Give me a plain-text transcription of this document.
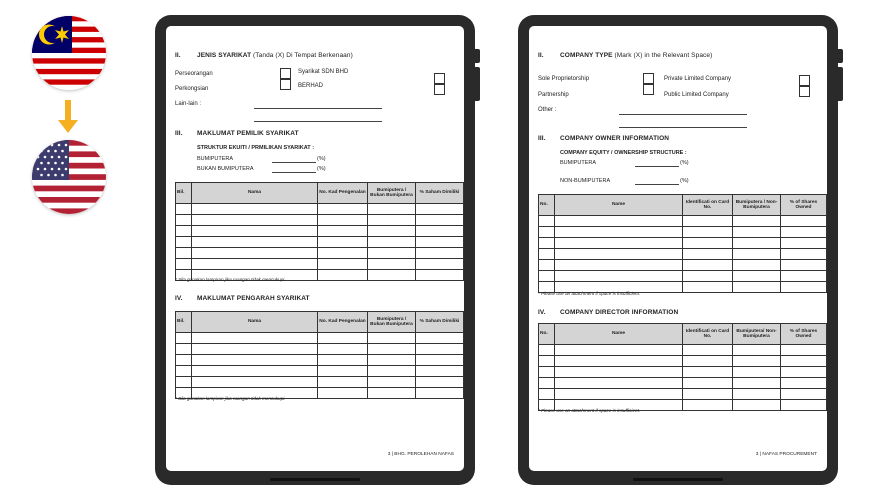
II.	JENIS SYARIKAT (Tanda (X) Di Tempat Berkenaan)
Perseorangan
Perkongsian
Syarikat SDN BHD
BERHAD
Lain-lain :
III. MAKLUMAT PEMILIK SYARIKAT
STRUKTUR EKUITI / PRMILIKAN SYARIKAT :
BUMIPUTERA	(%)
BUKAN BUMIPUTERA	(%)
Bil.	Nama	No. Kad Pengenalan	Bumiputera / Bukan Bumiputera	% Saham Dimiliki

* Sila gunakan lampiran jika ruangan tidak mencukupi.
IV. MAKLUMAT PENGARAH SYARIKAT
Bil.	Nama	No. Kad Pengenalan	Bumiputera / Bukan Bumiputera	% Saham Dimiliki

* Sila gunakan lampiran jika ruangan tidak mencukupi.
3 | BHG. PEROLEHAN NAFAS
II.	COMPANY TYPE (Mark (X) in the Relevant Space)
Sole Proprietorship
Partnership
Private Limited Company
Public Limited Company
Other :
III. COMPANY OWNER INFORMATION
COMPANY EQUITY / OWNERSHIP STRUCTURE :
BUMIPUTERA	(%)
NON-BUMIPUTERA	(%)
No.	Name	Identificati on Card No.	Bumiputera / Non-Bumiputera	% of Shares Owned

* Please use an attachment if space is insufficient.
IV. COMPANY DIRECTOR INFORMATION
No.	Name	Identificati on Card No.	Bumiputera/ Non-Bumiputera	% of Shares Owned

* Please use an attachment if space is insufficient.
3 | NAFAS PROCUREMENT
